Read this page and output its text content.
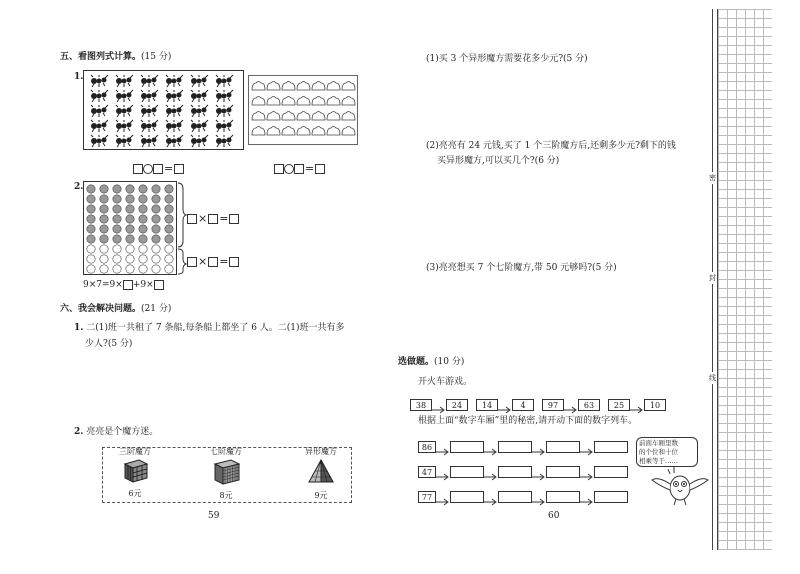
五、看图列式计算。(15 分)
1.
=	=
2.
× =
× =
9×7=9× +9×
六、我会解决问题。(21 分)
1. 二(1)班一共租了 7 条船,每条船上都坐了 6 人。二(1)班一共有多
少人?(5 分)
2. 亮亮是个魔方迷。
三阶魔方
6元
七阶魔方
8元
异形魔方
9元
59
(1)买 3 个异形魔方需要花多少元?(5 分)
(2)亮亮有 24 元钱,买了 1 个三阶魔方后,还剩多少元?剩下的钱
买异形魔方,可以买几个?(6 分)
(3)亮亮想买 7 个七阶魔方,带 50 元够吗?(5 分)
选做题。(10 分)
开火车游戏。
38	24 14	4	97	63 25	10
根据上面“数字车厢”里的秘密,请开动下面的数字列车。
86
47
77
前面车厢里数
的个位和十位
相乘等于……
60
密
封
线
